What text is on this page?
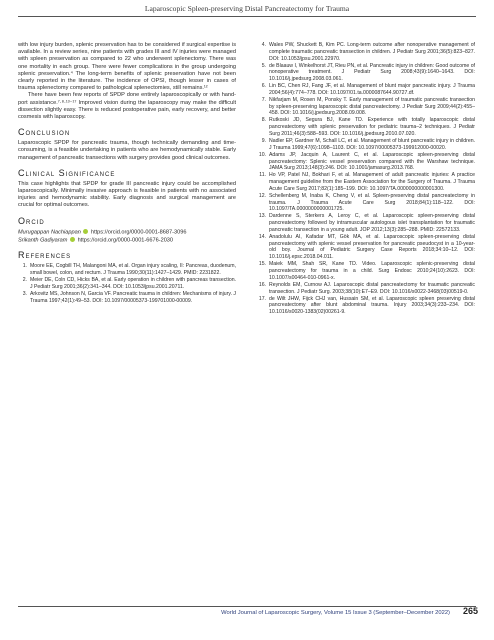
Laparoscopic Spleen-preserving Distal Pancreatectomy for Trauma

with low injury burden, splenic preservation has to be considered if surgical expertise is available. In a review series, nine patients with grades III and IV injuries were managed with spleen preservation as compared to 22 who underwent splenectomy. There was one mortality in each group. There were fewer complications in the group undergoing splenic preservation.⁴ The long-term benefits of splenic preservation have not been clearly reported in the literature. The incidence of OPSI, though lesser in cases of trauma splenectomy compared to pathological splenectomies, still remains.¹²

There have been few reports of SPDP done entirely laparoscopically or with hand-port assistance.⁷·⁸·¹³⁻¹⁷ Improved vision during the laparoscopy may make the difficult dissection slightly easy. There is reduced postoperative pain, early recovery, and better cosmesis with laparoscopy.

Conclusion

Laparoscopic SPDP for pancreatic trauma, though technically demanding and time-consuming, is a feasible undertaking in patients who are hemodynamically stable. Early management of pancreatic transections with surgery provides good clinical outcomes.

Clinical Significance

This case highlights that SPDP for grade III pancreatic injury could be accomplished laparoscopically. Minimally invasive approach is feasible in patients with no associated injuries and hemodynamic stability. Early diagnosis and surgical management are crucial for optimal outcomes.

Orcid
Murugappan Nachiappan https://orcid.org/0000-0001-8687-3096
Srikanth Gadiyaram https://orcid.org/0000-0001-6676-2030
References
1. Moore EE, Cogbill TH, Malangoni MA, et al. Organ injury scaling, II: Pancreas, duodenum, small bowel, colon, and rectum. J Trauma 1990;30(11):1427–1429. PMID: 2231822.
2. Meier DE, Coln CD, Hicks BA, et al. Early operation in children with pancreas transection. J Pediatr Surg 2001;36(2):341–344. DOI: 10.1053/jpsu.2001.20711.
3. Arkovitz MS, Johnson N, Garcia VF. Pancreatic trauma in children: Mechanisms of injury. J Trauma 1997;42(1):49–53. DOI: 10.1097/00005373-199701000-00009.
4. Wales PW, Shuckett B, Kim PC. Long-term outcome after nonoperative management of complete traumatic pancreatic transection in children. J Pediatr Surg 2001;36(5):823–827. DOI: 10.1053/jpsu.2001.22970.
5. de Blaauw I, Winkelhorst JT, Rieu PN, et al. Pancreatic injury in children: Good outcome of nonoperative treatment. J Pediatr Surg 2008;43(9):1640–1643. DOI: 10.1016/j.jpedsurg.2008.03.061.
6. Lin BC, Chen RJ, Fang JF, et al. Management of blunt major pancreatic injury. J Trauma 2004;56(4):774–778. DOI: 10.1097/01.ta.0000087644.90727.df.
7. Nikfarjam M, Rosen M, Ponsky T. Early management of traumatic pancreatic transection by spleen-preserving laparoscopic distal pancreatectomy. J Pediatr Surg 2009;44(2):455–458. DOI: 10.1016/j.jpedsurg.2008.09.008.
8. Rutkoski JD, Segura BJ, Kane TD. Experience with totally laparoscopic distal pancreatectomy with splenic preservation for pediatric trauma–2 techniques. J Pediatr Surg 2011;46(3):588–593. DOI: 10.1016/j.jpedsurg.2010.07.020.
9. Nadler EP, Gardner M, Schall LC, et al. Management of blunt pancreatic injury in children. J Trauma 1999;47(6):1098–1103. DOI: 10.1097/00005373-199912000-00020.
10. Adams JP, Jacquin A, Laurent C, et al. Laparoscopic spleen-preserving distal pancreatectomy: Splenic vessel preservation compared with the Warshaw technique. JAMA Surg 2013;148(3):246. DOI: 10.1001/jamasurg.2013.768.
11. Ho VP, Patel NJ, Bokhari F, et al. Management of adult pancreatic injuries: A practice management guideline from the Eastern Association for the Surgery of Trauma. J Trauma Acute Care Surg 2017;82(1):185–199. DOI: 10.1097/TA.0000000000001300.
12. Schellenberg M, Inaba K, Cheng V, et al. Spleen-preserving distal pancreatectomy in trauma. J Trauma Acute Care Surg 2018;84(1):118–122. DOI: 10.1097/TA.0000000000001725.
13. Dardenne S, Sterkers A, Leroy C, et al. Laparoscopic spleen-preserving distal pancreatectomy followed by intramuscular autologous islet transplantation for traumatic pancreatic transection in a young adult. JOP 2012;13(3):285–288. PMID: 22572133.
14. Anadolulu AI, Kafadar MT, Gök MA, et al. Laparoscopic spleen-preserving distal pancreatectomy with splenic vessel preservation for pancreatic pseudocyst in a 10-year-old boy. Journal of Pediatric Surgery Case Reports 2018;34:10–12. DOI: 10.1016/j.epsc.2018.04.011.
15. Maiek MM, Shah SR, Kane TD. Video. Laparoscopic splenic-preserving distal pancreatectomy for trauma in a child. Surg Endosc 2010;24(10):2623. DOI: 10.1007/s00464-010-0961-x.
16. Reynolds EM, Curnow AJ. Laparoscopic distal pancreatectomy for traumatic pancreatic transection. J Pediatr Surg. 2003;38(10):E7–E9. DOI: 10.1016/s0022-3468(03)00519-0.
17. de Wilt JHW, Fijck CHJ van, Hussain SM, et al. Laparoscopic spleen preserving distal pancreatectomy after blunt abdominal trauma. Injury 2003;34(3):233–234. DOI: 10.1016/s0020-1383(02)00261-9.
World Journal of Laparoscopic Surgery, Volume 15 Issue 3 (September–December 2022) 265
